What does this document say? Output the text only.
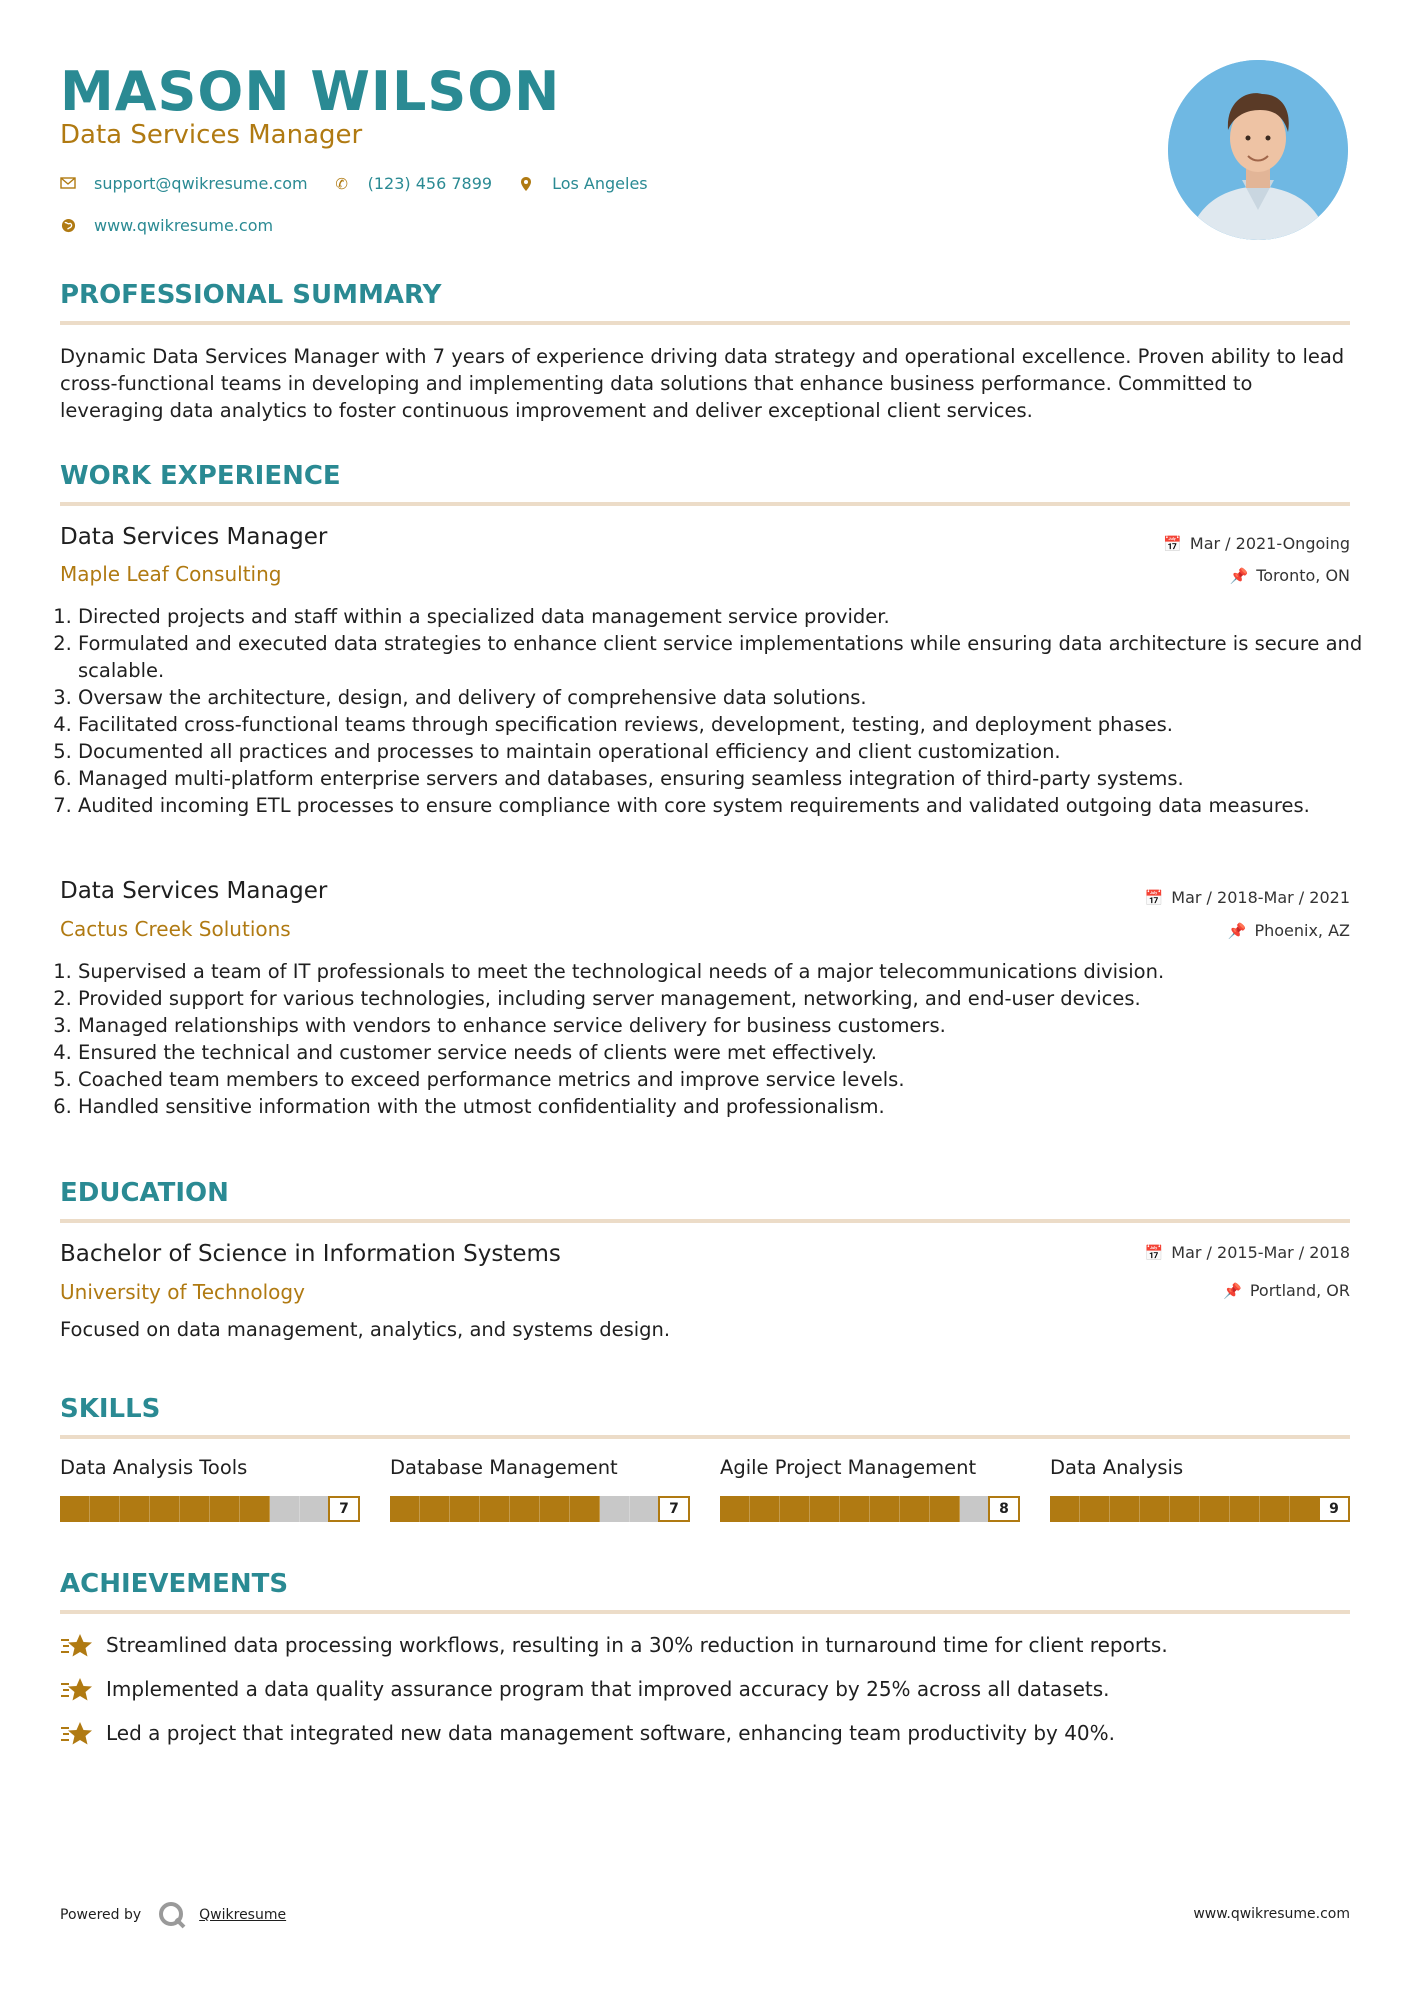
MASON WILSON
Data Services Manager
support@qwikresume.com ✆ (123) 456 7899	Los Angeles
www.qwikresume.com
PROFESSIONAL SUMMARY
Dynamic Data Services Manager with 7 years of experience driving data strategy and operational excellence. Proven ability to lead cross-functional teams in developing and implementing data solutions that enhance business performance. Committed to leveraging data analytics to foster continuous improvement and deliver exceptional client services.
WORK EXPERIENCE
Data Services Manager
Maple Leaf Consulting
📅 Mar / 2021-Ongoing
📌 Toronto, ON
1. Directed projects and staff within a specialized data management service provider.
2. Formulated and executed data strategies to enhance client service implementations while ensuring data architecture is secure and scalable.
3. Oversaw the architecture, design, and delivery of comprehensive data solutions.
4. Facilitated cross-functional teams through specification reviews, development, testing, and deployment phases.
5. Documented all practices and processes to maintain operational efficiency and client customization.
6. Managed multi-platform enterprise servers and databases, ensuring seamless integration of third-party systems.
7. Audited incoming ETL processes to ensure compliance with core system requirements and validated outgoing data measures.
Data Services Manager
Cactus Creek Solutions
📅 Mar / 2018-Mar / 2021
📌 Phoenix, AZ
1. Supervised a team of IT professionals to meet the technological needs of a major telecommunications division.
2. Provided support for various technologies, including server management, networking, and end-user devices.
3. Managed relationships with vendors to enhance service delivery for business customers.
4. Ensured the technical and customer service needs of clients were met effectively.
5. Coached team members to exceed performance metrics and improve service levels.
6. Handled sensitive information with the utmost confidentiality and professionalism.
EDUCATION
Bachelor of Science in Information Systems
University of Technology
📅 Mar / 2015-Mar / 2018
📌 Portland, OR
Focused on data management, analytics, and systems design.
SKILLS
Data Analysis Tools
7
Database Management
7
Agile Project Management
8
Data Analysis
9
ACHIEVEMENTS
Streamlined data processing workflows, resulting in a 30% reduction in turnaround time for client reports.
Implemented a data quality assurance program that improved accuracy by 25% across all datasets.
Led a project that integrated new data management software, enhancing team productivity by 40%.
Powered by	Qwikresume	www.qwikresume.com
